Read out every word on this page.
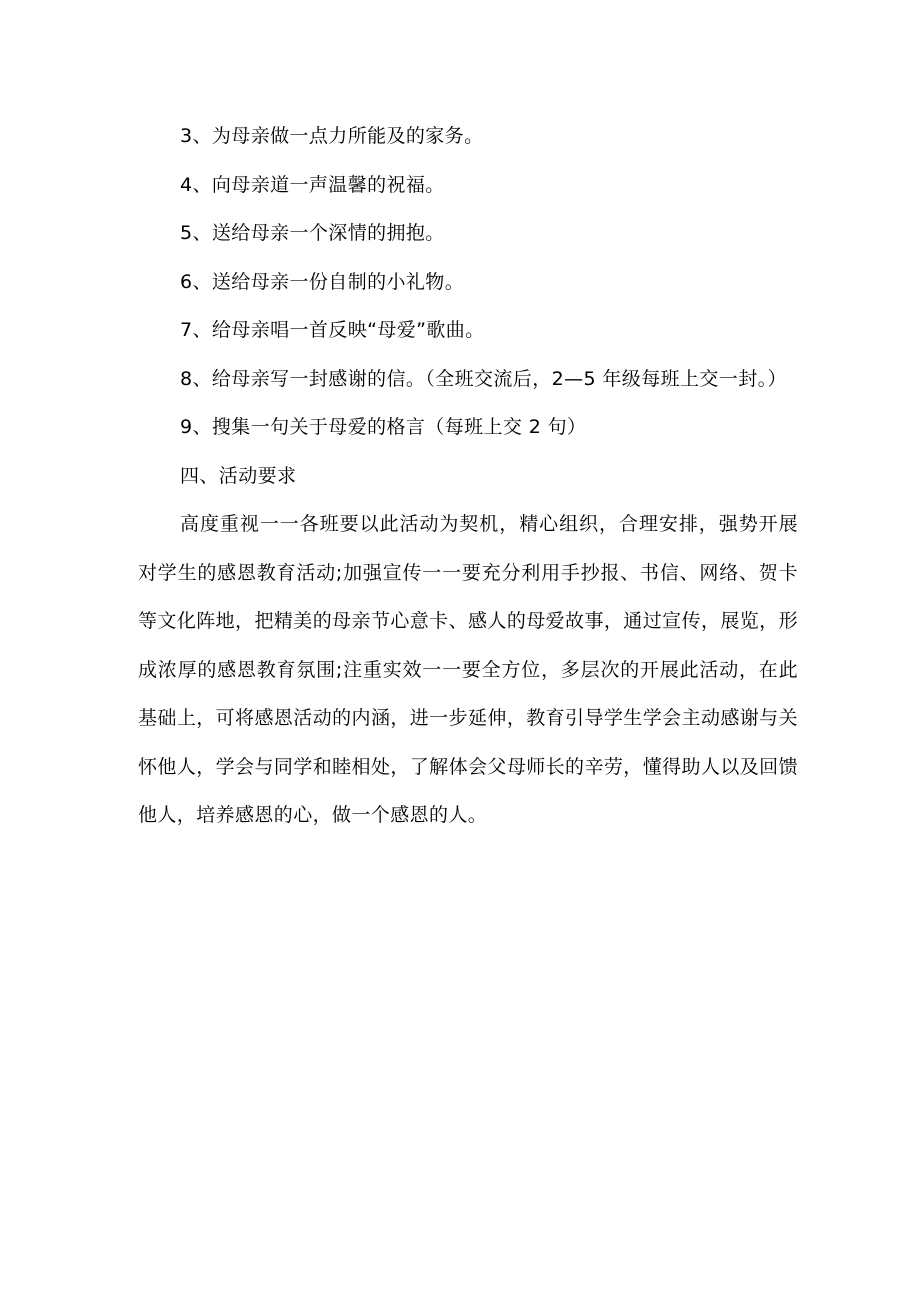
3、为母亲做一点力所能及的家务。

4、向母亲道一声温馨的祝福。

5、送给母亲一个深情的拥抱。

6、送给母亲一份自制的小礼物。

7、给母亲唱一首反映“母爱”歌曲。

8、给母亲写一封感谢的信。（全班交流后，2—5 年级每班上交一封。）

9、搜集一句关于母爱的格言（每班上交 2 句）

四、活动要求

高度重视一一各班要以此活动为契机，精心组织，合理安排，强势开展对学生的感恩教育活动;加强宣传一一要充分利用手抄报、书信、网络、贺卡等文化阵地，把精美的母亲节心意卡、感人的母爱故事，通过宣传，展览，形成浓厚的感恩教育氛围;注重实效一一要全方位，多层次的开展此活动，在此基础上，可将感恩活动的内涵，进一步延伸，教育引导学生学会主动感谢与关怀他人，学会与同学和睦相处，了解体会父母师长的辛劳，懂得助人以及回馈他人，培养感恩的心，做一个感恩的人。
